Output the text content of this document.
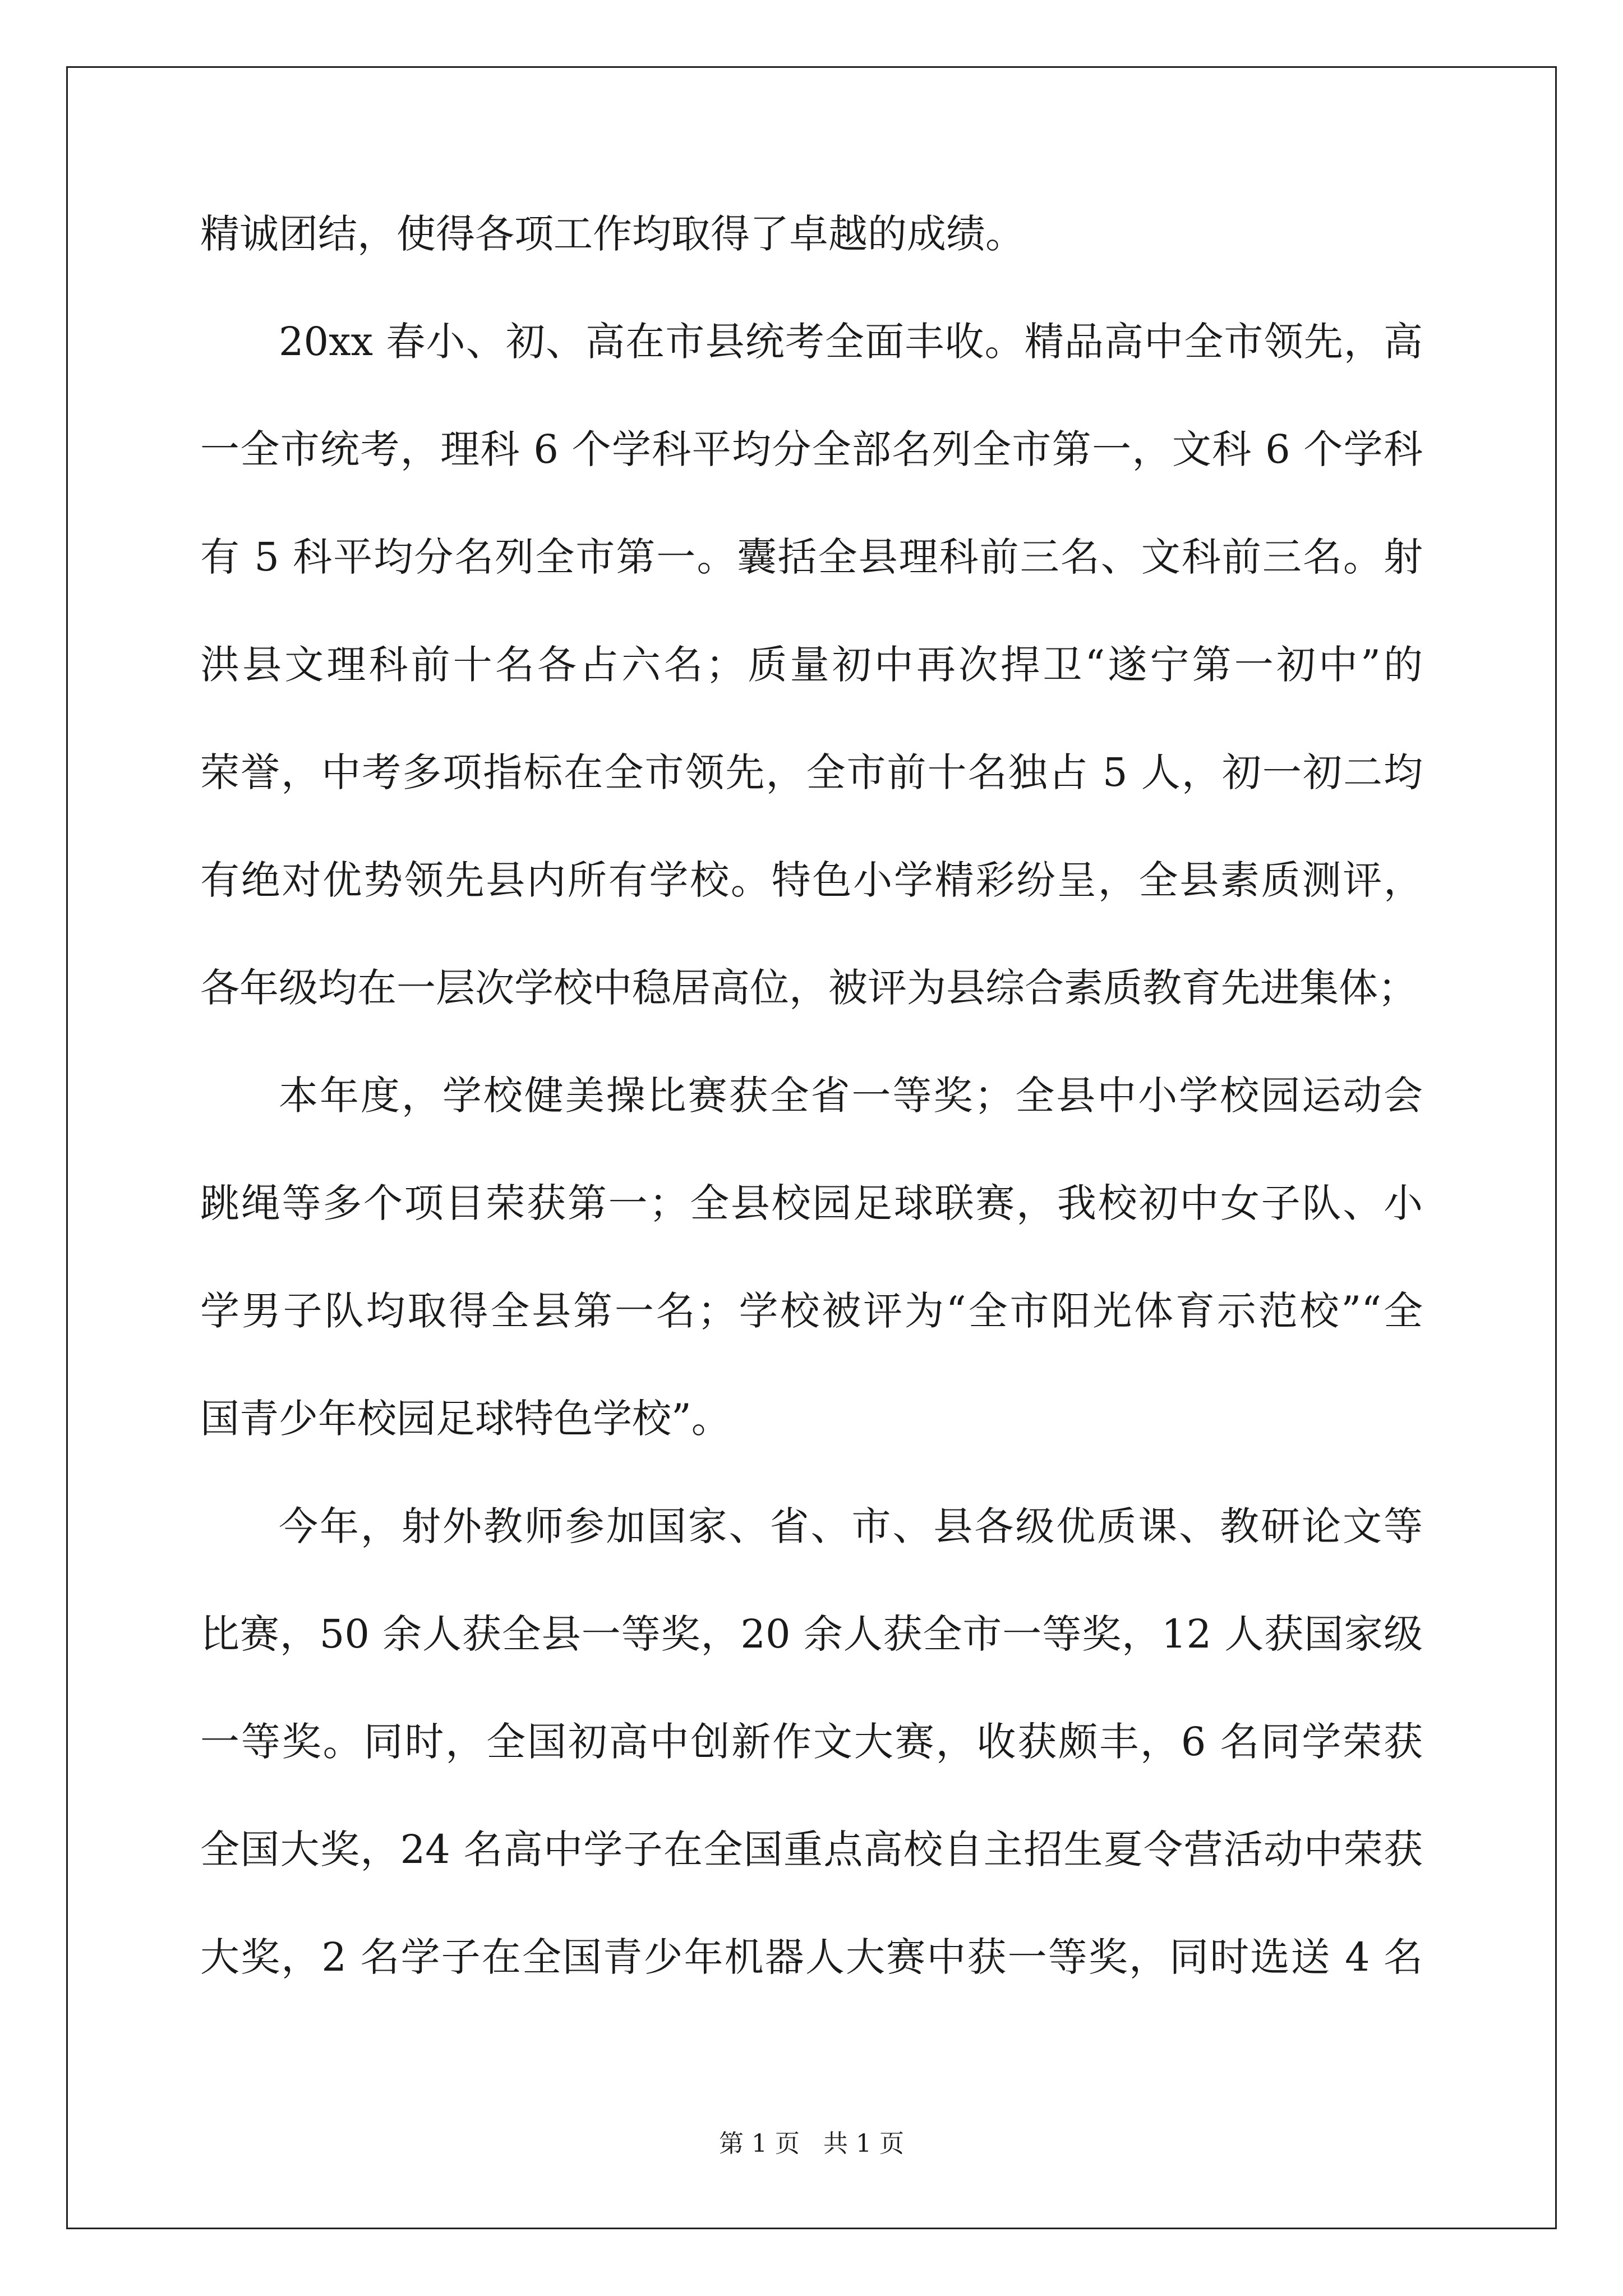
精诚团结，使得各项工作均取得了卓越的成绩。
20xx 春小、初、高在市县统考全面丰收。精品高中全市领先，高
一全市统考，理科 6 个学科平均分全部名列全市第一，文科 6 个学科
有 5 科平均分名列全市第一。囊括全县理科前三名、文科前三名。射
洪县文理科前十名各占六名；质量初中再次捍卫“遂宁第一初中”的
荣誉，中考多项指标在全市领先，全市前十名独占 5 人，初一初二均
有绝对优势领先县内所有学校。特色小学精彩纷呈，全县素质测评，
各年级均在一层次学校中稳居高位，被评为县综合素质教育先进集体；
本年度，学校健美操比赛获全省一等奖；全县中小学校园运动会
跳绳等多个项目荣获第一；全县校园足球联赛，我校初中女子队、小
学男子队均取得全县第一名；学校被评为“全市阳光体育示范校”“全
国青少年校园足球特色学校”。
今年，射外教师参加国家、省、市、县各级优质课、教研论文等
比赛，50 余人获全县一等奖，20 余人获全市一等奖，12 人获国家级
一等奖。同时，全国初高中创新作文大赛，收获颇丰，6 名同学荣获
全国大奖，24 名高中学子在全国重点高校自主招生夏令营活动中荣获
大奖，2 名学子在全国青少年机器人大赛中获一等奖，同时选送 4 名
第 1 页 共 1 页
